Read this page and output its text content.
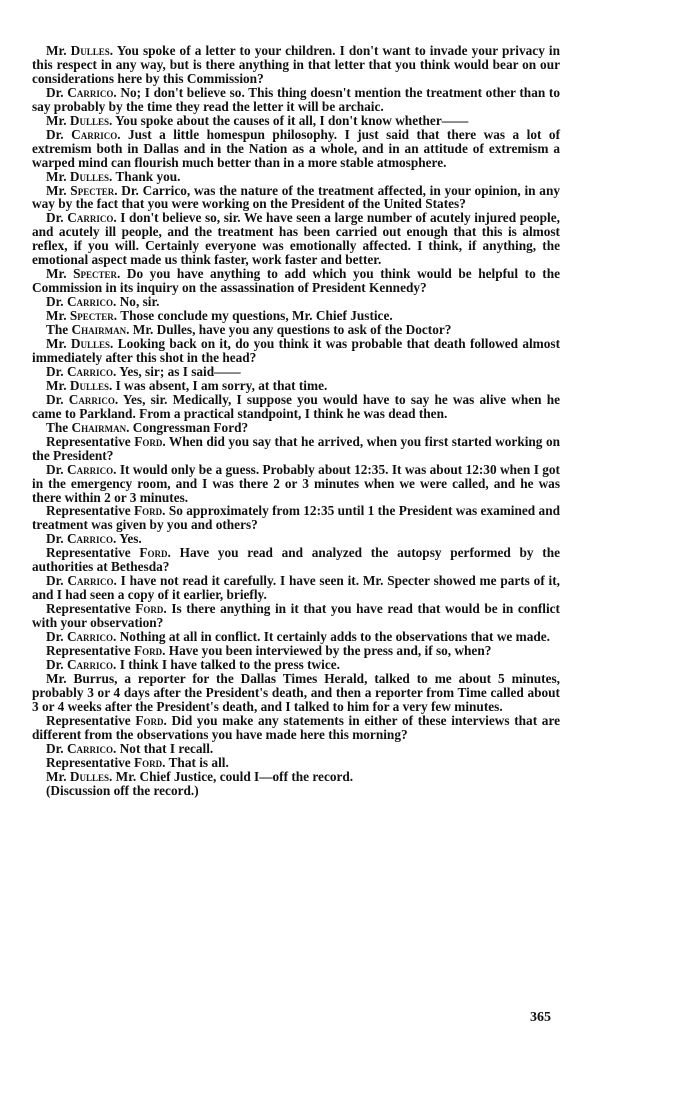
Mr. Dulles. You spoke of a letter to your children. I don't want to invade your privacy in this respect in any way, but is there anything in that letter that you think would bear on our considerations here by this Commission?

Dr. Carrico. No; I don't believe so. This thing doesn't mention the treatment other than to say probably by the time they read the letter it will be archaic.

Mr. Dulles. You spoke about the causes of it all, I don't know whether——

Dr. Carrico. Just a little homespun philosophy. I just said that there was a lot of extremism both in Dallas and in the Nation as a whole, and in an attitude of extremism a warped mind can flourish much better than in a more stable atmosphere.

Mr. Dulles. Thank you.

Mr. Specter. Dr. Carrico, was the nature of the treatment affected, in your opinion, in any way by the fact that you were working on the President of the United States?

Dr. Carrico. I don't believe so, sir. We have seen a large number of acutely injured people, and acutely ill people, and the treatment has been carried out enough that this is almost reflex, if you will. Certainly everyone was emotionally affected. I think, if anything, the emotional aspect made us think faster, work faster and better.

Mr. Specter. Do you have anything to add which you think would be helpful to the Commission in its inquiry on the assassination of President Kennedy?

Dr. Carrico. No, sir.

Mr. Specter. Those conclude my questions, Mr. Chief Justice.

The Chairman. Mr. Dulles, have you any questions to ask of the Doctor?

Mr. Dulles. Looking back on it, do you think it was probable that death followed almost immediately after this shot in the head?

Dr. Carrico. Yes, sir; as I said——

Mr. Dulles. I was absent, I am sorry, at that time.

Dr. Carrico. Yes, sir. Medically, I suppose you would have to say he was alive when he came to Parkland. From a practical standpoint, I think he was dead then.

The Chairman. Congressman Ford?

Representative Ford. When did you say that he arrived, when you first started working on the President?

Dr. Carrico. It would only be a guess. Probably about 12:35. It was about 12:30 when I got in the emergency room, and I was there 2 or 3 minutes when we were called, and he was there within 2 or 3 minutes.

Representative Ford. So approximately from 12:35 until 1 the President was examined and treatment was given by you and others?

Dr. Carrico. Yes.

Representative Ford. Have you read and analyzed the autopsy performed by the authorities at Bethesda?

Dr. Carrico. I have not read it carefully. I have seen it. Mr. Specter showed me parts of it, and I had seen a copy of it earlier, briefly.

Representative Ford. Is there anything in it that you have read that would be in conflict with your observation?

Dr. Carrico. Nothing at all in conflict. It certainly adds to the observations that we made.

Representative Ford. Have you been interviewed by the press and, if so, when?

Dr. Carrico. I think I have talked to the press twice.

Mr. Burrus, a reporter for the Dallas Times Herald, talked to me about 5 minutes, probably 3 or 4 days after the President's death, and then a reporter from Time called about 3 or 4 weeks after the President's death, and I talked to him for a very few minutes.

Representative Ford. Did you make any statements in either of these interviews that are different from the observations you have made here this morning?

Dr. Carrico. Not that I recall.

Representative Ford. That is all.

Mr. Dulles. Mr. Chief Justice, could I—off the record.

(Discussion off the record.)

365
